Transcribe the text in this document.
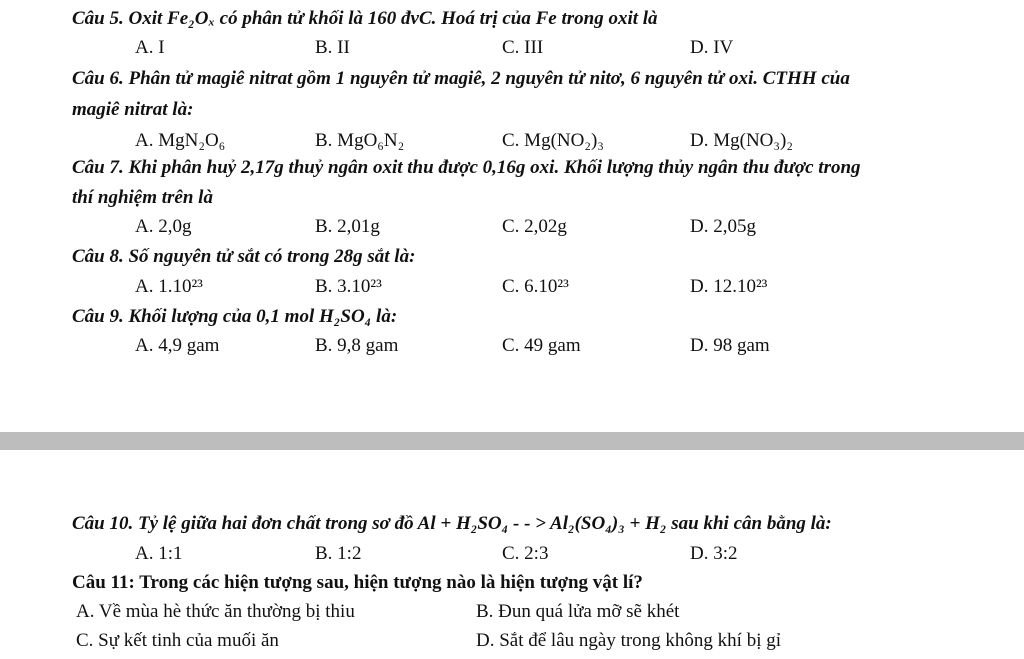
Câu 5. Oxit Fe₂Oₓ có phân tử khối là 160 đvC. Hoá trị của Fe trong oxit là
A. I	B. II	C. III	D. IV
Câu 6. Phân tử magiê nitrat gồm 1 nguyên tử magiê, 2 nguyên tử nitơ, 6 nguyên tử oxi. CTHH của
magiê nitrat là:
A. MgN₂O₆	B. MgO₆N₂	C. Mg(NO₂)₃	D. Mg(NO₃)₂
Câu 7. Khi phân huỷ 2,17g thuỷ ngân oxit thu được 0,16g oxi. Khối lượng thủy ngân thu được trong
thí nghiệm trên là
A. 2,0g	B. 2,01g	C. 2,02g	D. 2,05g
Câu 8. Số nguyên tử sắt có trong 28g sắt là:
A. 1.10²³	B. 3.10²³	C. 6.10²³	D. 12.10²³
Câu 9. Khối lượng của 0,1 mol H₂SO₄ là:
A. 4,9 gam	B. 9,8 gam	C. 49 gam	D. 98 gam
Câu 10. Tỷ lệ giữa hai đơn chất trong sơ đồ Al + H₂SO₄ - - > Al₂(SO₄)₃ + H₂ sau khi cân bằng là:
A. 1:1	B. 1:2	C. 2:3	D. 3:2
Câu 11: Trong các hiện tượng sau, hiện tượng nào là hiện tượng vật lí?
A. Về mùa hè thức ăn thường bị thiu	B. Đun quá lửa mỡ sẽ khét
C. Sự kết tinh của muối ăn	D. Sắt để lâu ngày trong không khí bị gỉ
